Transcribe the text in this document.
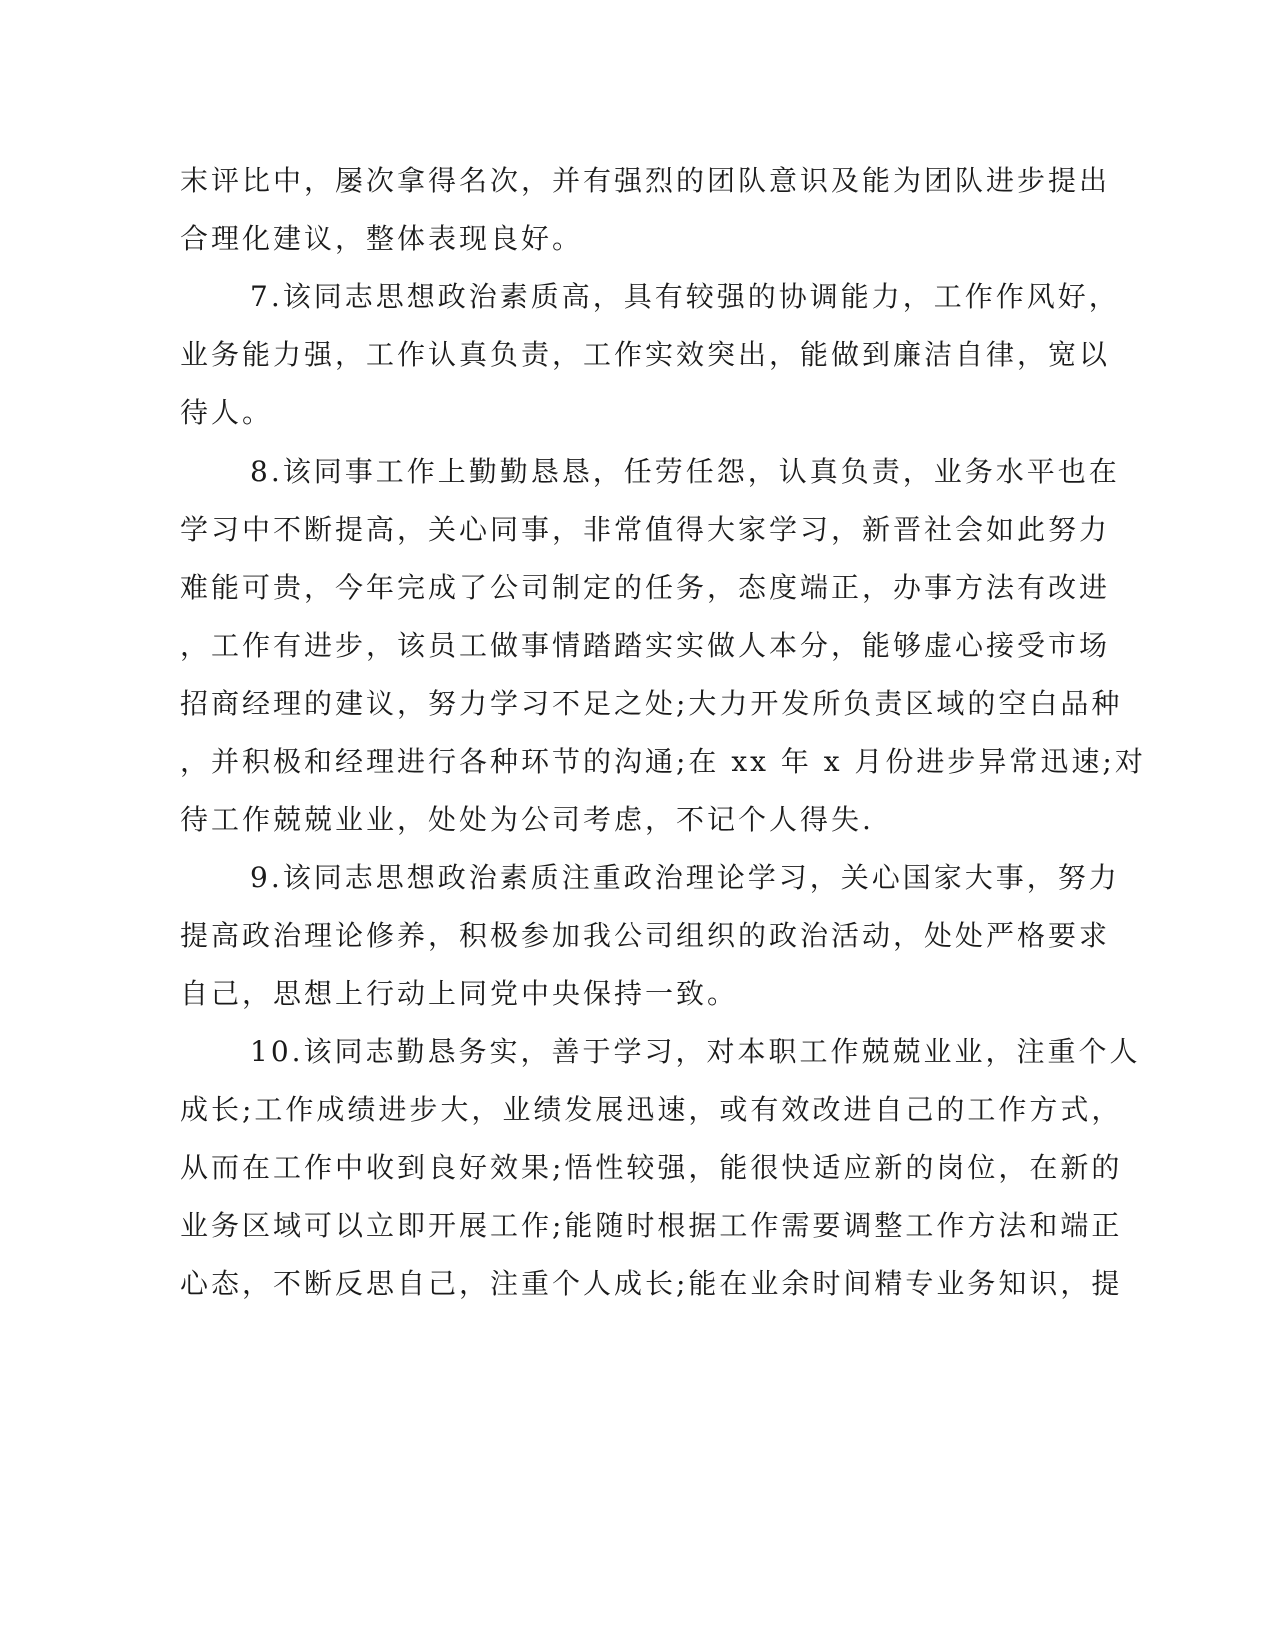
末评比中，屡次拿得名次，并有强烈的团队意识及能为团队进步提出

合理化建议，整体表现良好。

7.该同志思想政治素质高，具有较强的协调能力，工作作风好，

业务能力强，工作认真负责，工作实效突出，能做到廉洁自律，宽以

待人。

8.该同事工作上勤勤恳恳，任劳任怨，认真负责，业务水平也在

学习中不断提高，关心同事，非常值得大家学习，新晋社会如此努力

难能可贵，今年完成了公司制定的任务，态度端正，办事方法有改进

，工作有进步，该员工做事情踏踏实实做人本分，能够虚心接受市场

招商经理的建议，努力学习不足之处;大力开发所负责区域的空白品种

，并积极和经理进行各种环节的沟通;在 xx 年 x 月份进步异常迅速;对

待工作兢兢业业，处处为公司考虑，不记个人得失.

9.该同志思想政治素质注重政治理论学习，关心国家大事，努力

提高政治理论修养，积极参加我公司组织的政治活动，处处严格要求

自己，思想上行动上同党中央保持一致。

10.该同志勤恳务实，善于学习，对本职工作兢兢业业，注重个人

成长;工作成绩进步大，业绩发展迅速，或有效改进自己的工作方式，

从而在工作中收到良好效果;悟性较强，能很快适应新的岗位，在新的

业务区域可以立即开展工作;能随时根据工作需要调整工作方法和端正

心态，不断反思自己，注重个人成长;能在业余时间精专业务知识，提
